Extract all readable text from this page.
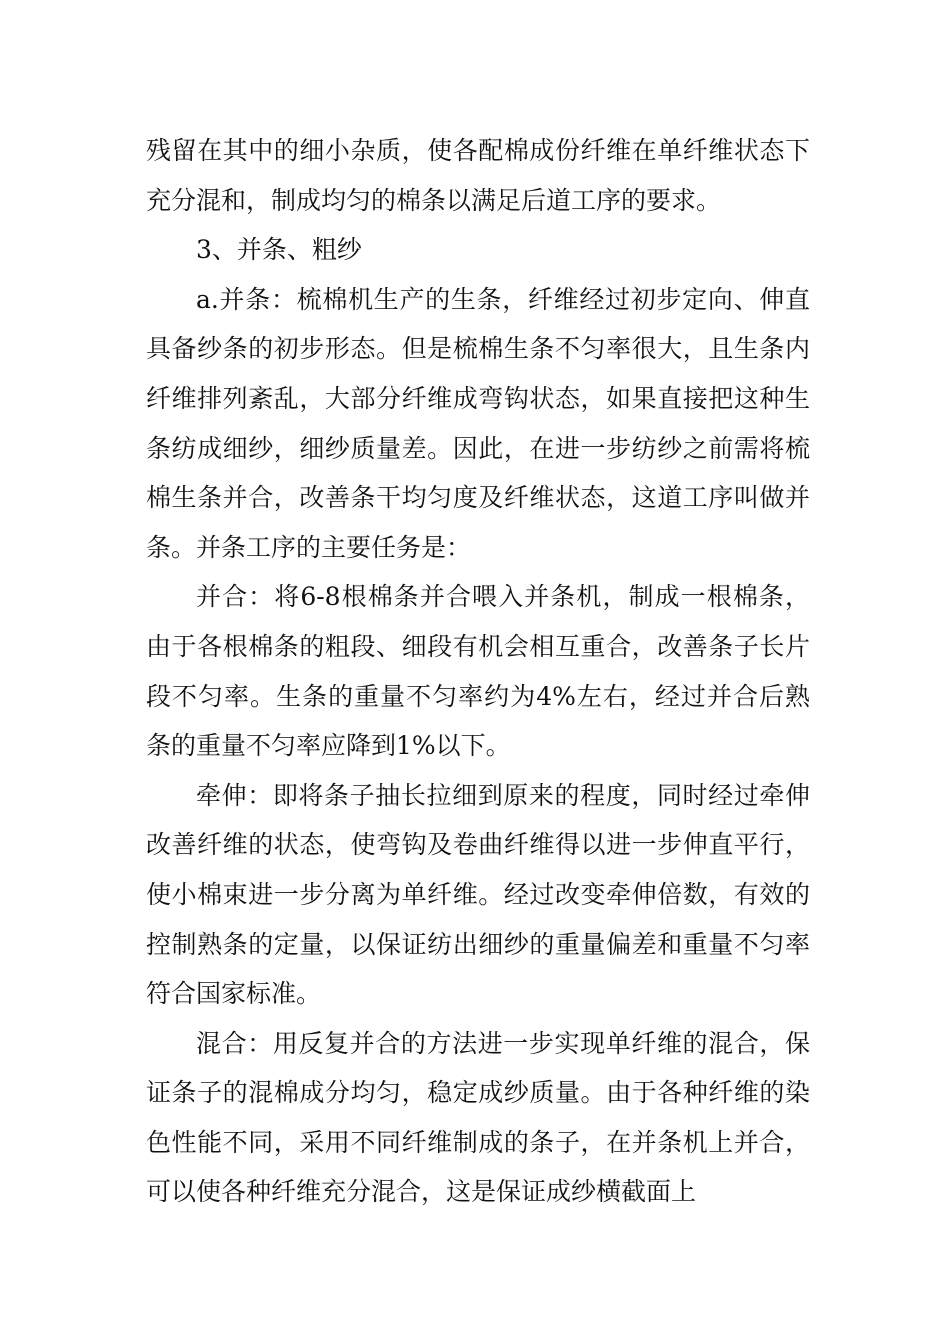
残留在其中的细小杂质，使各配棉成份纤维在单纤维状态下充分混和，制成均匀的棉条以满足后道工序的要求。

3、并条、粗纱

a.并条：梳棉机生产的生条，纤维经过初步定向、伸直具备纱条的初步形态。但是梳棉生条不匀率很大，且生条内纤维排列紊乱，大部分纤维成弯钩状态，如果直接把这种生条纺成细纱，细纱质量差。因此，在进一步纺纱之前需将梳棉生条并合，改善条干均匀度及纤维状态，这道工序叫做并条。并条工序的主要任务是：

并合：将6-8根棉条并合喂入并条机，制成一根棉条，由于各根棉条的粗段、细段有机会相互重合，改善条子长片段不匀率。生条的重量不匀率约为4%左右，经过并合后熟条的重量不匀率应降到1%以下。

牵伸：即将条子抽长拉细到原来的程度，同时经过牵伸改善纤维的状态，使弯钩及卷曲纤维得以进一步伸直平行，使小棉束进一步分离为单纤维。经过改变牵伸倍数，有效的控制熟条的定量，以保证纺出细纱的重量偏差和重量不匀率符合国家标准。

混合：用反复并合的方法进一步实现单纤维的混合，保证条子的混棉成分均匀，稳定成纱质量。由于各种纤维的染色性能不同，采用不同纤维制成的条子，在并条机上并合，可以使各种纤维充分混合，这是保证成纱横截面上
